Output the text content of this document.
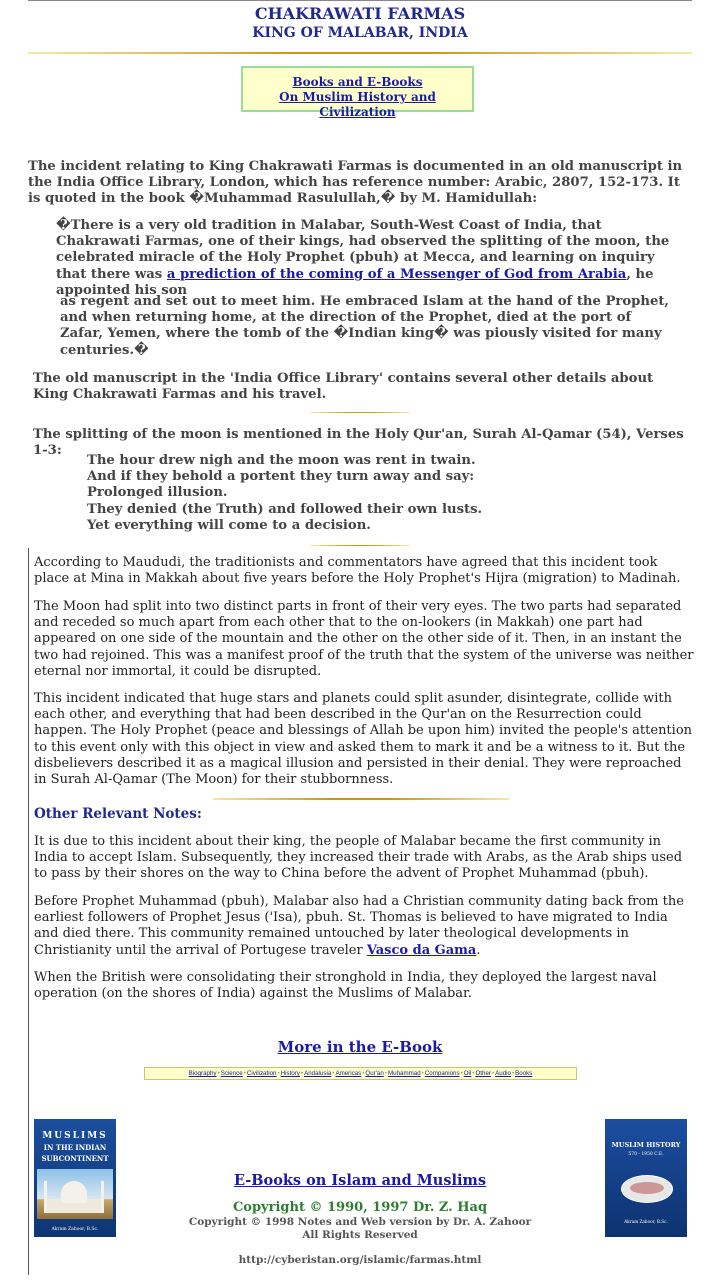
CHAKRAWATI FARMAS
KING OF MALABAR, INDIA
Books and E-Books
On Muslim History and Civilization

The incident relating to King Chakrawati Farmas is documented in an old manuscript in the India Office Library, London, which has reference number: Arabic, 2807, 152-173. It is quoted in the book �Muhammad Rasulullah,� by M. Hamidullah:

�There is a very old tradition in Malabar, South-West Coast of India, that Chakrawati Farmas, one of their kings, had observed the splitting of the moon, the celebrated miracle of the Holy Prophet (pbuh) at Mecca, and learning on inquiry that there was a prediction of the coming of a Messenger of God from Arabia, he appointed his son

as regent and set out to meet him. He embraced Islam at the hand of the Prophet, and when returning home, at the direction of the Prophet, died at the port of Zafar, Yemen, where the tomb of the �Indian king� was piously visited for many centuries.�

The old manuscript in the 'India Office Library' contains several other details about King Chakrawati Farmas and his travel.

The splitting of the moon is mentioned in the Holy Qur'an, Surah Al-Qamar (54), Verses 1-3:

The hour drew nigh and the moon was rent in twain.
And if they behold a portent they turn away and say:
Prolonged illusion.
They denied (the Truth) and followed their own lusts.
Yet everything will come to a decision.

According to Maududi, the traditionists and commentators have agreed that this incident took place at Mina in Makkah about five years before the Holy Prophet's Hijra (migration) to Madinah.

The Moon had split into two distinct parts in front of their very eyes. The two parts had separated and receded so much apart from each other that to the on-lookers (in Makkah) one part had appeared on one side of the mountain and the other on the other side of it. Then, in an instant the two had rejoined. This was a manifest proof of the truth that the system of the universe was neither eternal nor immortal, it could be disrupted.

This incident indicated that huge stars and planets could split asunder, disintegrate, collide with each other, and everything that had been described in the Qur'an on the Resurrection could happen. The Holy Prophet (peace and blessings of Allah be upon him) invited the people's attention to this event only with this object in view and asked them to mark it and be a witness to it. But the disbelievers described it as a magical illusion and persisted in their denial. They were reproached in Surah Al-Qamar (The Moon) for their stubbornness.

Other Relevant Notes:

It is due to this incident about their king, the people of Malabar became the first community in India to accept Islam. Subsequently, they increased their trade with Arabs, as the Arab ships used to pass by their shores on the way to China before the advent of Prophet Muhammad (pbuh).

Before Prophet Muhammad (pbuh), Malabar also had a Christian community dating back from the earliest followers of Prophet Jesus ('Isa), pbuh. St. Thomas is believed to have migrated to India and died there. This community remained untouched by later theological developments in Christianity until the arrival of Portugese traveler Vasco da Gama.

When the British were consolidating their stronghold in India, they deployed the largest naval operation (on the shores of India) against the Muslims of Malabar.

More in the E-Book
Biography•Science•Civilization•History•Andalusia•Americas•Qur'an•Muhammad•Companions•Oil•Other•Audio•Books
MUSLIMS
IN THE INDIAN
SUBCONTINENT
Akram Zahoor, B.Sc.
MUSLIM HISTORY
570 - 1950 C.E.
Akram Zahoor, B.Sc.
E-Books on Islam and Muslims
Copyright © 1990, 1997 Dr. Z. Haq
Copyright © 1998 Notes and Web version by Dr. A. Zahoor
All Rights Reserved
http://cyberistan.org/islamic/farmas.html
